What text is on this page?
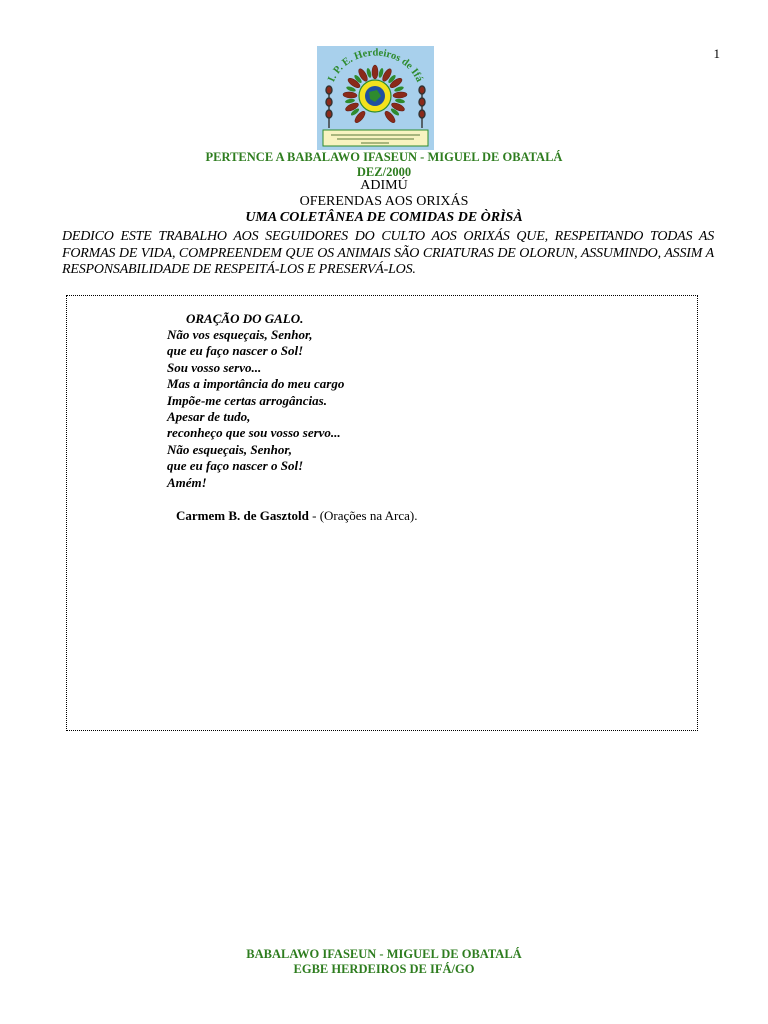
1
I. P. E. Herdeiros de Ifá
PERTENCE A BABALAWO IFASEUN - MIGUEL DE OBATALÁ
DEZ/2000
ADIMÚ
OFERENDAS AOS ORIXÁS
UMA COLETÂNEA DE COMIDAS DE ÒRÌSÀ
DEDICO ESTE TRABALHO AOS SEGUIDORES DO CULTO AOS ORIXÁS QUE, RESPEITANDO TODAS AS FORMAS DE VIDA, COMPREENDEM QUE OS ANIMAIS SÃO CRIATURAS DE OLORUN, ASSUMINDO, ASSIM A RESPONSABILIDADE DE RESPEITÁ-LOS E PRESERVÁ-LOS.
ORAÇÃO DO GALO.
Não vos esqueçais, Senhor,
que eu faço nascer o Sol!
Sou vosso servo...
Mas a importância do meu cargo
Impõe-me certas arrogâncias.
Apesar de tudo,
reconheço que sou vosso servo...
Não esqueçais, Senhor,
que eu faço nascer o Sol!
Amém!
Carmem B. de Gasztold - (Orações na Arca).
BABALAWO IFASEUN - MIGUEL DE OBATALÁ
EGBE HERDEIROS DE IFÁ/GO
